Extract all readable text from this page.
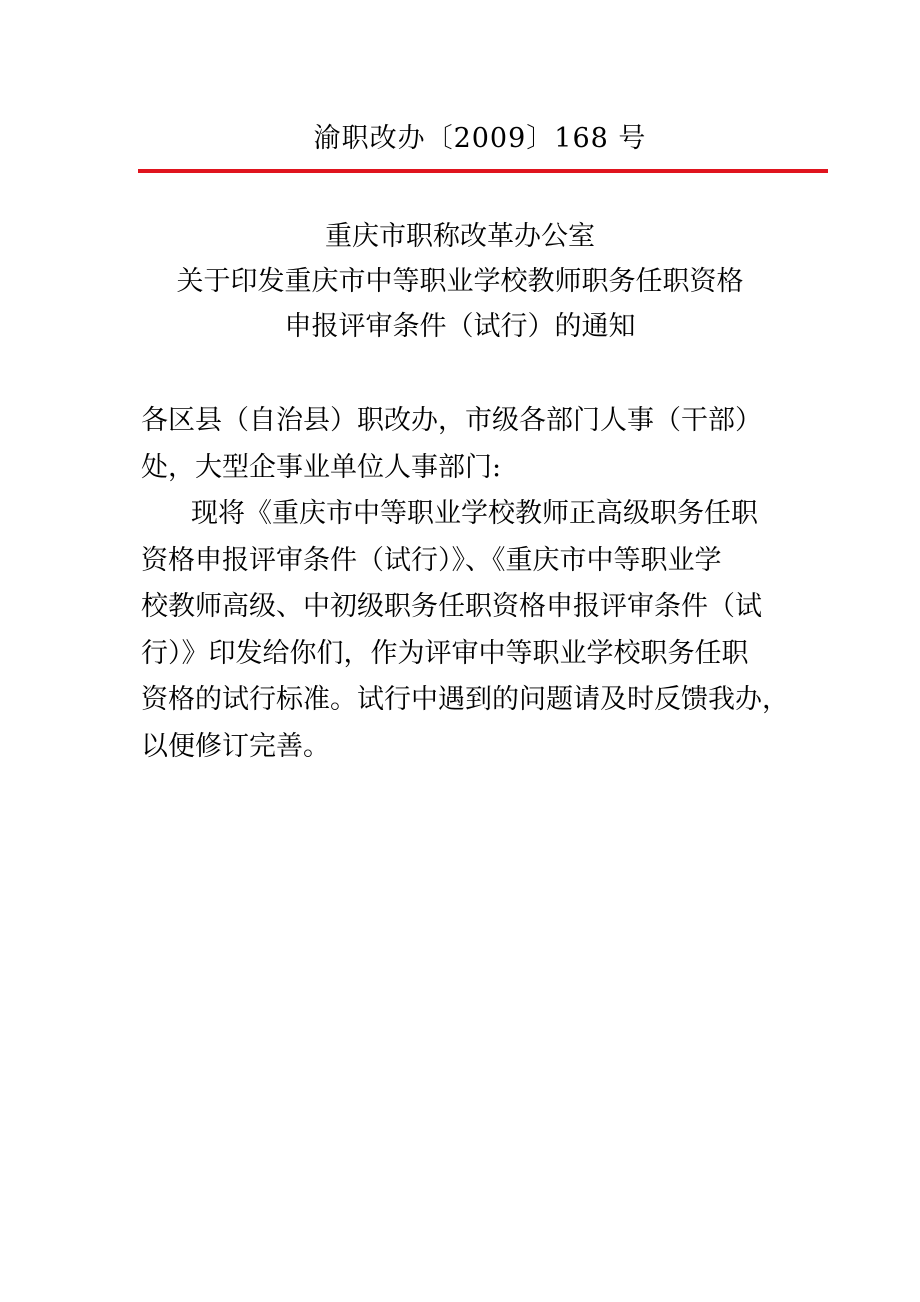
渝职改办〔2009〕168 号
重庆市职称改革办公室
关于印发重庆市中等职业学校教师职务任职资格
申报评审条件（试行）的通知
各区县（自治县）职改办，市级各部门人事（干部）
处，大型企事业单位人事部门:
现将《重庆市中等职业学校教师正高级职务任职
资格申报评审条件（试行）》、《重庆市中等职业学
校教师高级、中初级职务任职资格申报评审条件（试
行）》印发给你们，作为评审中等职业学校职务任职
资格的试行标准。试行中遇到的问题请及时反馈我办，
以便修订完善。
